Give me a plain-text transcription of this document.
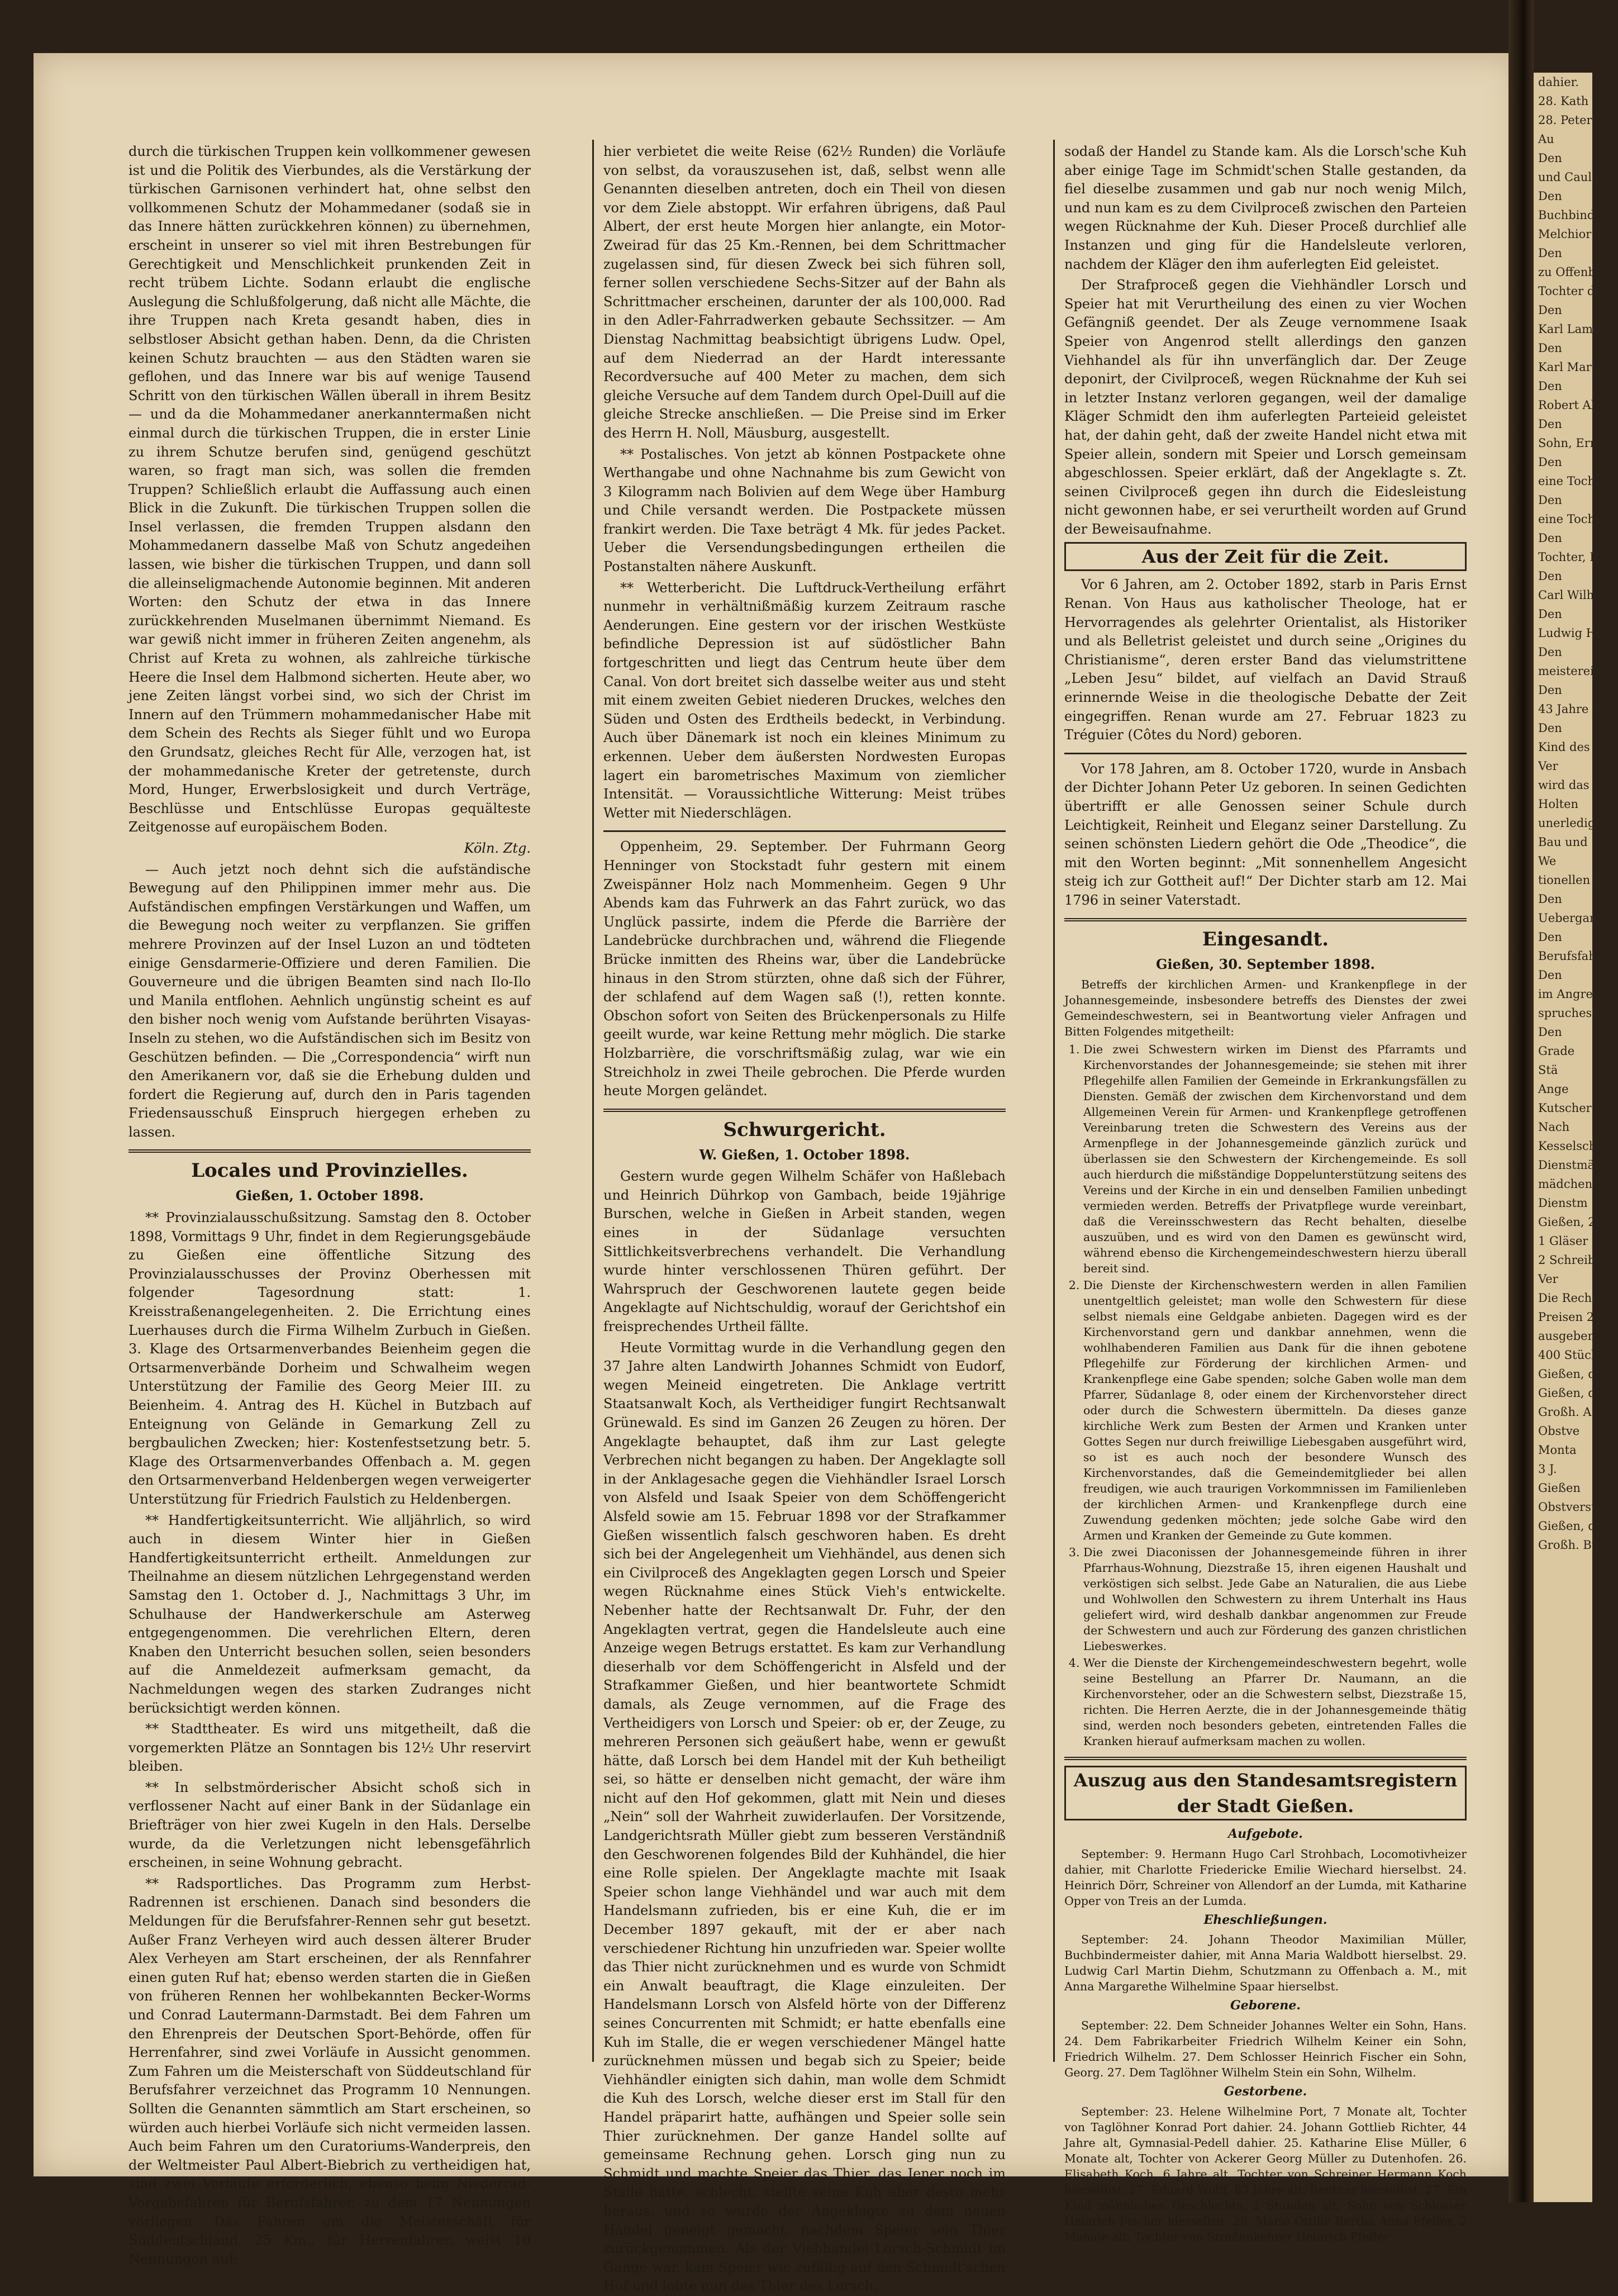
dahier.
28. Kath
28. Peter
Au
Den
und Caula
Den
Buchbinder
Melchior T
Den
zu Offenb
Tochter des
Den
Karl Lambe
Den
Karl Marti
Den
Robert All
Den
Sohn, Ern
Den
eine Tochte
Den
eine Tochte
Den
Tochter, Ka
Den
Carl Wilhe
Den
Ludwig Hei
Den
meisterei Ge
Den
43 Jahre a
Den
Kind des
Ver
wird das
Holten
unerledigt
Bau und
We
tionellen S
Den
Uebergangs
Den
Berufsfahre
Den
im Angre
spruches
Den
Grade
Stä
Ange
Kutscher
Nach
Kesselschmie
Dienstmädch
mädchen 1
Dienstm
Gießen, 29
1 Gläser
2 Schreiber
Ver
Die Rechn
Preisen 2
ausgeben
400 Stück
Gießen, d
Gießen, de
Großh. A
Obstve
Monta
3 J.
Gießen
Obstverst
Gießen, di
Großh. Bü

durch die türkischen Truppen kein vollkommener gewesen ist und die Politik des Vierbundes, als die Verstärkung der türkischen Garnisonen verhindert hat, ohne selbst den vollkommenen Schutz der Mohammedaner (sodaß sie in das Innere hätten zurückkehren können) zu übernehmen, erscheint in unserer so viel mit ihren Bestrebungen für Gerechtigkeit und Menschlichkeit prunkenden Zeit in recht trübem Lichte. Sodann erlaubt die englische Auslegung die Schlußfolgerung, daß nicht alle Mächte, die ihre Truppen nach Kreta gesandt haben, dies in selbstloser Absicht gethan haben. Denn, da die Christen keinen Schutz brauchten — aus den Städten waren sie geflohen, und das Innere war bis auf wenige Tausend Schritt von den türkischen Wällen überall in ihrem Besitz — und da die Mohammedaner anerkanntermaßen nicht einmal durch die türkischen Truppen, die in erster Linie zu ihrem Schutze berufen sind, genügend geschützt waren, so fragt man sich, was sollen die fremden Truppen? Schließlich erlaubt die Auffassung auch einen Blick in die Zukunft. Die türkischen Truppen sollen die Insel verlassen, die fremden Truppen alsdann den Mohammedanern dasselbe Maß von Schutz angedeihen lassen, wie bisher die türkischen Truppen, und dann soll die alleinseligmachende Autonomie beginnen. Mit anderen Worten: den Schutz der etwa in das Innere zurückkehrenden Muselmanen übernimmt Niemand. Es war gewiß nicht immer in früheren Zeiten angenehm, als Christ auf Kreta zu wohnen, als zahlreiche türkische Heere die Insel dem Halbmond sicherten. Heute aber, wo jene Zeiten längst vorbei sind, wo sich der Christ im Innern auf den Trümmern mohammedanischer Habe mit dem Schein des Rechts als Sieger fühlt und wo Europa den Grundsatz, gleiches Recht für Alle, verzogen hat, ist der mohammedanische Kreter der getretenste, durch Mord, Hunger, Erwerbslosigkeit und durch Verträge, Beschlüsse und Entschlüsse Europas gequälteste Zeitgenosse auf europäischem Boden.

Köln. Ztg.

— Auch jetzt noch dehnt sich die aufständische Bewegung auf den Philippinen immer mehr aus. Die Aufständischen empfingen Verstärkungen und Waffen, um die Bewegung noch weiter zu verpflanzen. Sie griffen mehrere Provinzen auf der Insel Luzon an und tödteten einige Gensdarmerie-Offiziere und deren Familien. Die Gouverneure und die übrigen Beamten sind nach Ilo-Ilo und Manila entflohen. Aehnlich ungünstig scheint es auf den bisher noch wenig vom Aufstande berührten Visayas-Inseln zu stehen, wo die Aufständischen sich im Besitz von Geschützen befinden. — Die „Correspondencia“ wirft nun den Amerikanern vor, daß sie die Erhebung dulden und fordert die Regierung auf, durch den in Paris tagenden Friedensausschuß Einspruch hiergegen erheben zu lassen.

Locales und Provinzielles.
Gießen, 1. October 1898.

** Provinzialausschußsitzung. Samstag den 8. October 1898, Vormittags 9 Uhr, findet in dem Regierungsgebäude zu Gießen eine öffentliche Sitzung des Provinzialausschusses der Provinz Oberhessen mit folgender Tagesordnung statt: 1. Kreisstraßenangelegenheiten. 2. Die Errichtung eines Luerhauses durch die Firma Wilhelm Zurbuch in Gießen. 3. Klage des Ortsarmenverbandes Beienheim gegen die Ortsarmenverbände Dorheim und Schwalheim wegen Unterstützung der Familie des Georg Meier III. zu Beienheim. 4. Antrag des H. Küchel in Butzbach auf Enteignung von Gelände in Gemarkung Zell zu bergbaulichen Zwecken; hier: Kostenfestsetzung betr. 5. Klage des Ortsarmenverbandes Offenbach a. M. gegen den Ortsarmenverband Heldenbergen wegen verweigerter Unterstützung für Friedrich Faulstich zu Heldenbergen.

** Handfertigkeitsunterricht. Wie alljährlich, so wird auch in diesem Winter hier in Gießen Handfertigkeitsunterricht ertheilt. Anmeldungen zur Theilnahme an diesem nützlichen Lehrgegenstand werden Samstag den 1. October d. J., Nachmittags 3 Uhr, im Schulhause der Handwerkerschule am Asterweg entgegengenommen. Die verehrlichen Eltern, deren Knaben den Unterricht besuchen sollen, seien besonders auf die Anmeldezeit aufmerksam gemacht, da Nachmeldungen wegen des starken Zudranges nicht berücksichtigt werden können.

** Stadttheater. Es wird uns mitgetheilt, daß die vorgemerkten Plätze an Sonntagen bis 12½ Uhr reservirt bleiben.

** In selbstmörderischer Absicht schoß sich in verflossener Nacht auf einer Bank in der Südanlage ein Briefträger von hier zwei Kugeln in den Hals. Derselbe wurde, da die Verletzungen nicht lebensgefährlich erscheinen, in seine Wohnung gebracht.

** Radsportliches. Das Programm zum Herbst-Radrennen ist erschienen. Danach sind besonders die Meldungen für die Berufsfahrer-Rennen sehr gut besetzt. Außer Franz Verheyen wird auch dessen älterer Bruder Alex Verheyen am Start erscheinen, der als Rennfahrer einen guten Ruf hat; ebenso werden starten die in Gießen von früheren Rennen her wohlbekannten Becker-Worms und Conrad Lautermann-Darmstadt. Bei dem Fahren um den Ehrenpreis der Deutschen Sport-Behörde, offen für Herrenfahrer, sind zwei Vorläufe in Aussicht genommen. Zum Fahren um die Meisterschaft von Süddeutschland für Berufsfahrer verzeichnet das Programm 10 Nennungen. Sollten die Genannten sämmtlich am Start erscheinen, so würden auch hierbei Vorläufe sich nicht vermeiden lassen. Auch beim Fahren um den Curatoriums-Wanderpreis, den der Weltmeister Paul Albert-Biebrich zu vertheidigen hat, sind zwei Vorläufe erforderlich, ebenso beim Niederrad-Vorgabefahren für Berufsfahrer, zu dem 17 Nennungen vorliegen. Das Fahren um die Meisterschaft für Süddeutschland, 25 Km., für Herrenfahrer, weist 10 Nennungen auf;

hier verbietet die weite Reise (62½ Runden) die Vorläufe von selbst, da vorauszusehen ist, daß, selbst wenn alle Genannten dieselben antreten, doch ein Theil von diesen vor dem Ziele abstoppt. Wir erfahren übrigens, daß Paul Albert, der erst heute Morgen hier anlangte, ein Motor-Zweirad für das 25 Km.-Rennen, bei dem Schrittmacher zugelassen sind, für diesen Zweck bei sich führen soll, ferner sollen verschiedene Sechs-Sitzer auf der Bahn als Schrittmacher erscheinen, darunter der als 100,000. Rad in den Adler-Fahrradwerken gebaute Sechssitzer. — Am Dienstag Nachmittag beabsichtigt übrigens Ludw. Opel, auf dem Niederrad an der Hardt interessante Recordversuche auf 400 Meter zu machen, dem sich gleiche Versuche auf dem Tandem durch Opel-Duill auf die gleiche Strecke anschließen. — Die Preise sind im Erker des Herrn H. Noll, Mäusburg, ausgestellt.

** Postalisches. Von jetzt ab können Postpackete ohne Werthangabe und ohne Nachnahme bis zum Gewicht von 3 Kilogramm nach Bolivien auf dem Wege über Hamburg und Chile versandt werden. Die Postpackete müssen frankirt werden. Die Taxe beträgt 4 Mk. für jedes Packet. Ueber die Versendungsbedingungen ertheilen die Postanstalten nähere Auskunft.

** Wetterbericht. Die Luftdruck-Vertheilung erfährt nunmehr in verhältnißmäßig kurzem Zeitraum rasche Aenderungen. Eine gestern vor der irischen Westküste befindliche Depression ist auf südöstlicher Bahn fortgeschritten und liegt das Centrum heute über dem Canal. Von dort breitet sich dasselbe weiter aus und steht mit einem zweiten Gebiet niederen Druckes, welches den Süden und Osten des Erdtheils bedeckt, in Verbindung. Auch über Dänemark ist noch ein kleines Minimum zu erkennen. Ueber dem äußersten Nordwesten Europas lagert ein barometrisches Maximum von ziemlicher Intensität. — Voraussichtliche Witterung: Meist trübes Wetter mit Niederschlägen.

Oppenheim, 29. September. Der Fuhrmann Georg Henninger von Stockstadt fuhr gestern mit einem Zweispänner Holz nach Mommenheim. Gegen 9 Uhr Abends kam das Fuhrwerk an das Fahrt zurück, wo das Unglück passirte, indem die Pferde die Barrière der Landebrücke durchbrachen und, während die Fliegende Brücke inmitten des Rheins war, über die Landebrücke hinaus in den Strom stürzten, ohne daß sich der Führer, der schlafend auf dem Wagen saß (!), retten konnte. Obschon sofort von Seiten des Brückenpersonals zu Hilfe geeilt wurde, war keine Rettung mehr möglich. Die starke Holzbarrière, die vorschriftsmäßig zulag, war wie ein Streichholz in zwei Theile gebrochen. Die Pferde wurden heute Morgen geländet.

Schwurgericht.
W. Gießen, 1. October 1898.

Gestern wurde gegen Wilhelm Schäfer von Haßlebach und Heinrich Dührkop von Gambach, beide 19jährige Burschen, welche in Gießen in Arbeit standen, wegen eines in der Südanlage versuchten Sittlichkeitsverbrechens verhandelt. Die Verhandlung wurde hinter verschlossenen Thüren geführt. Der Wahrspruch der Geschworenen lautete gegen beide Angeklagte auf Nichtschuldig, worauf der Gerichtshof ein freisprechendes Urtheil fällte.

Heute Vormittag wurde in die Verhandlung gegen den 37 Jahre alten Landwirth Johannes Schmidt von Eudorf, wegen Meineid eingetreten. Die Anklage vertritt Staatsanwalt Koch, als Vertheidiger fungirt Rechtsanwalt Grünewald. Es sind im Ganzen 26 Zeugen zu hören. Der Angeklagte behauptet, daß ihm zur Last gelegte Verbrechen nicht begangen zu haben. Der Angeklagte soll in der Anklagesache gegen die Viehhändler Israel Lorsch von Alsfeld und Isaak Speier von dem Schöffengericht Alsfeld sowie am 15. Februar 1898 vor der Strafkammer Gießen wissentlich falsch geschworen haben. Es dreht sich bei der Angelegenheit um Viehhändel, aus denen sich ein Civilproceß des Angeklagten gegen Lorsch und Speier wegen Rücknahme eines Stück Vieh's entwickelte. Nebenher hatte der Rechtsanwalt Dr. Fuhr, der den Angeklagten vertrat, gegen die Handelsleute auch eine Anzeige wegen Betrugs erstattet. Es kam zur Verhandlung dieserhalb vor dem Schöffengericht in Alsfeld und der Strafkammer Gießen, und hier beantwortete Schmidt damals, als Zeuge vernommen, auf die Frage des Vertheidigers von Lorsch und Speier: ob er, der Zeuge, zu mehreren Personen sich geäußert habe, wenn er gewußt hätte, daß Lorsch bei dem Handel mit der Kuh betheiligt sei, so hätte er denselben nicht gemacht, der wäre ihm nicht auf den Hof gekommen, glatt mit Nein und dieses „Nein“ soll der Wahrheit zuwiderlaufen. Der Vorsitzende, Landgerichtsrath Müller giebt zum besseren Verständniß den Geschworenen folgendes Bild der Kuhhändel, die hier eine Rolle spielen. Der Angeklagte machte mit Isaak Speier schon lange Viehhändel und war auch mit dem Handelsmann zufrieden, bis er eine Kuh, die er im December 1897 gekauft, mit der er aber nach verschiedener Richtung hin unzufrieden war. Speier wollte das Thier nicht zurücknehmen und es wurde von Schmidt ein Anwalt beauftragt, die Klage einzuleiten. Der Handelsmann Lorsch von Alsfeld hörte von der Differenz seines Concurrenten mit Schmidt; er hatte ebenfalls eine Kuh im Stalle, die er wegen verschiedener Mängel hatte zurücknehmen müssen und begab sich zu Speier; beide Viehhändler einigten sich dahin, man wolle dem Schmidt die Kuh des Lorsch, welche dieser erst im Stall für den Handel präparirt hatte, aufhängen und Speier solle sein Thier zurücknehmen. Der ganze Handel sollte auf gemeinsame Rechnung gehen. Lorsch ging nun zu Schmidt und machte Speier das Thier, das Jener noch im Stalle hatte, schlecht, stellte seine Kuh aber desto mehr heraus, und so wurde der Angeklagte zu dem neuen Handel geneigt gemacht, nachdem Speier sein Thier zurückgenommen. Als der Viehhandel Lorsch-Schmidt im Gange war, kam Speier wie zufällig auf den Schmidt'schen Hof und lobte nun das Thier des Lorsch,

sodaß der Handel zu Stande kam. Als die Lorsch'sche Kuh aber einige Tage im Schmidt'schen Stalle gestanden, da fiel dieselbe zusammen und gab nur noch wenig Milch, und nun kam es zu dem Civilproceß zwischen den Parteien wegen Rücknahme der Kuh. Dieser Proceß durchlief alle Instanzen und ging für die Handelsleute verloren, nachdem der Kläger den ihm auferlegten Eid geleistet.

Der Strafproceß gegen die Viehhändler Lorsch und Speier hat mit Verurtheilung des einen zu vier Wochen Gefängniß geendet. Der als Zeuge vernommene Isaak Speier von Angenrod stellt allerdings den ganzen Viehhandel als für ihn unverfänglich dar. Der Zeuge deponirt, der Civilproceß, wegen Rücknahme der Kuh sei in letzter Instanz verloren gegangen, weil der damalige Kläger Schmidt den ihm auferlegten Parteieid geleistet hat, der dahin geht, daß der zweite Handel nicht etwa mit Speier allein, sondern mit Speier und Lorsch gemeinsam abgeschlossen. Speier erklärt, daß der Angeklagte s. Zt. seinen Civilproceß gegen ihn durch die Eidesleistung nicht gewonnen habe, er sei verurtheilt worden auf Grund der Beweisaufnahme.

Aus der Zeit für die Zeit.

Vor 6 Jahren, am 2. October 1892, starb in Paris Ernst Renan. Von Haus aus katholischer Theologe, hat er Hervorragendes als gelehrter Orientalist, als Historiker und als Belletrist geleistet und durch seine „Origines du Christianisme“, deren erster Band das vielumstrittene „Leben Jesu“ bildet, auf vielfach an David Strauß erinnernde Weise in die theologische Debatte der Zeit eingegriffen. Renan wurde am 27. Februar 1823 zu Tréguier (Côtes du Nord) geboren.

Vor 178 Jahren, am 8. October 1720, wurde in Ansbach der Dichter Johann Peter Uz geboren. In seinen Gedichten übertrifft er alle Genossen seiner Schule durch Leichtigkeit, Reinheit und Eleganz seiner Darstellung. Zu seinen schönsten Liedern gehört die Ode „Theodice“, die mit den Worten beginnt: „Mit sonnenhellem Angesicht steig ich zur Gottheit auf!“ Der Dichter starb am 12. Mai 1796 in seiner Vaterstadt.

Eingesandt.
Gießen, 30. September 1898.

Betreffs der kirchlichen Armen- und Krankenpflege in der Johannesgemeinde, insbesondere betreffs des Dienstes der zwei Gemeindeschwestern, sei in Beantwortung vieler Anfragen und Bitten Folgendes mitgetheilt:

1. Die zwei Schwestern wirken im Dienst des Pfarramts und Kirchenvorstandes der Johannesgemeinde; sie stehen mit ihrer Pflegehilfe allen Familien der Gemeinde in Erkrankungsfällen zu Diensten. Gemäß der zwischen dem Kirchenvorstand und dem Allgemeinen Verein für Armen- und Krankenpflege getroffenen Vereinbarung treten die Schwestern des Vereins aus der Armenpflege in der Johannesgemeinde gänzlich zurück und überlassen sie den Schwestern der Kirchengemeinde. Es soll auch hierdurch die mißständige Doppelunterstützung seitens des Vereins und der Kirche in ein und denselben Familien unbedingt vermieden werden. Betreffs der Privatpflege wurde vereinbart, daß die Vereinsschwestern das Recht behalten, dieselbe auszuüben, und es wird von den Damen es gewünscht wird, während ebenso die Kirchengemeindeschwestern hierzu überall bereit sind.
2. Die Dienste der Kirchenschwestern werden in allen Familien unentgeltlich geleistet; man wolle den Schwestern für diese selbst niemals eine Geldgabe anbieten. Dagegen wird es der Kirchenvorstand gern und dankbar annehmen, wenn die wohlhabenderen Familien aus Dank für die ihnen gebotene Pflegehilfe zur Förderung der kirchlichen Armen- und Krankenpflege eine Gabe spenden; solche Gaben wolle man dem Pfarrer, Südanlage 8, oder einem der Kirchenvorsteher direct oder durch die Schwestern übermitteln. Da dieses ganze kirchliche Werk zum Besten der Armen und Kranken unter Gottes Segen nur durch freiwillige Liebesgaben ausgeführt wird, so ist es auch noch der besondere Wunsch des Kirchenvorstandes, daß die Gemeindemitglieder bei allen freudigen, wie auch traurigen Vorkommnissen im Familienleben der kirchlichen Armen- und Krankenpflege durch eine Zuwendung gedenken möchten; jede solche Gabe wird den Armen und Kranken der Gemeinde zu Gute kommen.
3. Die zwei Diaconissen der Johannesgemeinde führen in ihrer Pfarrhaus-Wohnung, Diezstraße 15, ihren eigenen Haushalt und verköstigen sich selbst. Jede Gabe an Naturalien, die aus Liebe und Wohlwollen den Schwestern zu ihrem Unterhalt ins Haus geliefert wird, wird deshalb dankbar angenommen zur Freude der Schwestern und auch zur Förderung des ganzen christlichen Liebeswerkes.
4. Wer die Dienste der Kirchengemeindeschwestern begehrt, wolle seine Bestellung an Pfarrer Dr. Naumann, an die Kirchenvorsteher, oder an die Schwestern selbst, Diezstraße 15, richten. Die Herren Aerzte, die in der Johannesgemeinde thätig sind, werden noch besonders gebeten, eintretenden Falles die Kranken hierauf aufmerksam machen zu wollen.
Auszug aus den Standesamtsregistern der Stadt Gießen.
Aufgebote.

September: 9. Hermann Hugo Carl Strohbach, Locomotivheizer dahier, mit Charlotte Friedericke Emilie Wiechard hierselbst. 24. Heinrich Dörr, Schreiner von Allendorf an der Lumda, mit Katharine Opper von Treis an der Lumda.

Eheschließungen.

September: 24. Johann Theodor Maximilian Müller, Buchbindermeister dahier, mit Anna Maria Waldbott hierselbst. 29. Ludwig Carl Martin Diehm, Schutzmann zu Offenbach a. M., mit Anna Margarethe Wilhelmine Spaar hierselbst.

Geborene.

September: 22. Dem Schneider Johannes Welter ein Sohn, Hans. 24. Dem Fabrikarbeiter Friedrich Wilhelm Keiner ein Sohn, Friedrich Wilhelm. 27. Dem Schlosser Heinrich Fischer ein Sohn, Georg. 27. Dem Taglöhner Wilhelm Stein ein Sohn, Wilhelm.

Gestorbene.

September: 23. Helene Wilhelmine Port, 7 Monate alt, Tochter von Taglöhner Konrad Port dahier. 24. Johann Gottlieb Richter, 44 Jahre alt, Gymnasial-Pedell dahier. 25. Katharine Elise Müller, 6 Monate alt, Tochter von Ackerer Georg Müller zu Dutenhofen. 26. Elisabeth Koch, 6 Jahre alt, Tochter von Schreiner Hermann Koch hierselbst. 27. Eduard Wolff, 83 Jahre alt, Rentner hierselbst. 27. Ein Kind männlichen Geschlechts, 2 Stunden alt, Sohn von Schlosser Heinrich Fischer hierselbst. 28. Marie Ottilie Bertha Anna Pfeffer, 2 Monate alt, Tochter von Straßenkehrer Heinrich Pfeffer
